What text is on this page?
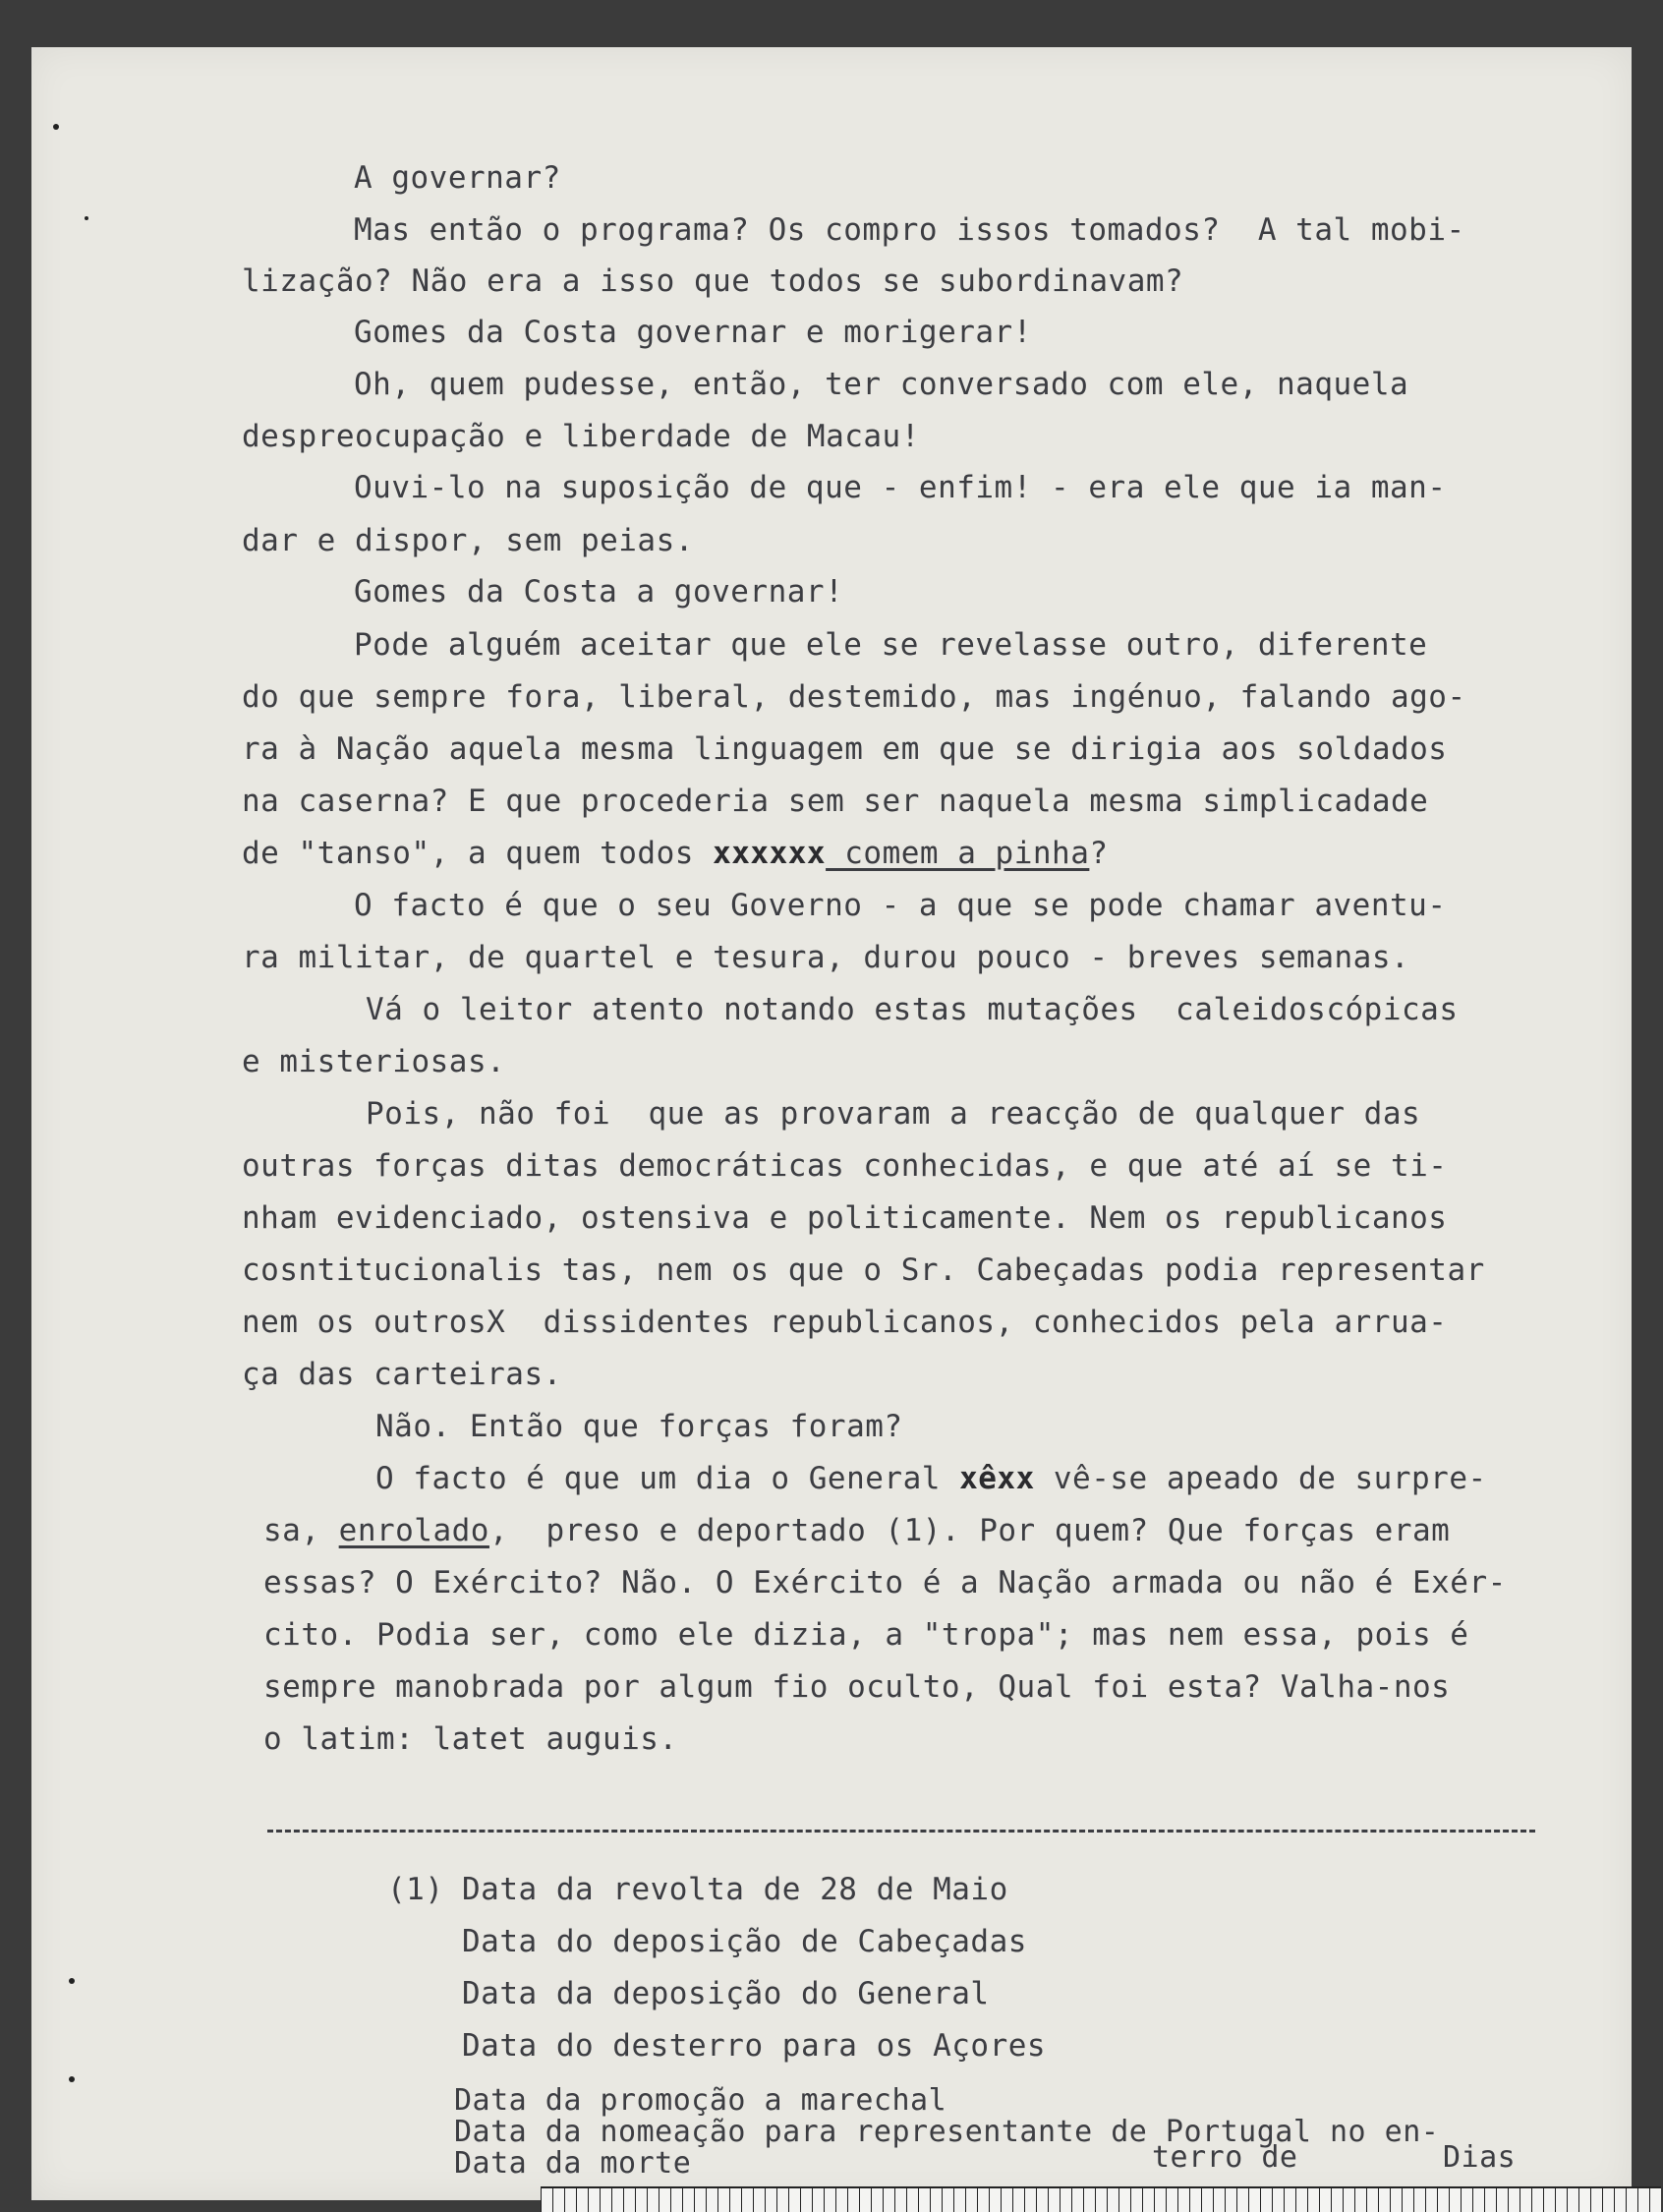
A governar?
Mas então o programa? Os compro issos tomados?  A tal mobi-
lização? Não era a isso que todos se subordinavam?
Gomes da Costa governar e morigerar!
Oh, quem pudesse, então, ter conversado com ele, naquela
despreocupação e liberdade de Macau!
Ouvi-lo na suposição de que - enfim! - era ele que ia man-
dar e dispor, sem peias.
Gomes da Costa a governar!
Pode alguém aceitar que ele se revelasse outro, diferente
do que sempre fora, liberal, destemido, mas ingénuo, falando ago-
ra à Nação aquela mesma linguagem em que se dirigia aos soldados
na caserna? E que procederia sem ser naquela mesma simplicadade
de "tanso", a quem todos xxxxxx comem a pinha?
O facto é que o seu Governo - a que se pode chamar aventu-
ra militar, de quartel e tesura, durou pouco - breves semanas.
Vá o leitor atento notando estas mutações  caleidoscópicas
e misteriosas.
Pois, não foi  que as provaram a reacção de qualquer das
outras forças ditas democráticas conhecidas, e que até aí se ti-
nham evidenciado, ostensiva e politicamente. Nem os republicanos
cosntitucionalis tas, nem os que o Sr. Cabeçadas podia representar
nem os outrosX  dissidentes republicanos, conhecidos pela arrua-
ça das carteiras.
Não. Então que forças foram?
O facto é que um dia o General xêxx vê-se apeado de surpre-
sa, enrolado,  preso e deportado (1). Por quem? Que forças eram
essas? O Exército? Não. O Exército é a Nação armada ou não é Exér-
cito. Podia ser, como ele dizia, a "tropa"; mas nem essa, pois é
sempre manobrada por algum fio oculto, Qual foi esta? Valha-nos
o latim: latet auguis.
(1) Data da revolta de 28 de Maio
Data do deposição de Cabeçadas
Data da deposição do General
Data do desterro para os Açores
Data da promoção a marechal
Data da nomeação para representante de Portugal no en-
Data da morte	terro de	Dias
